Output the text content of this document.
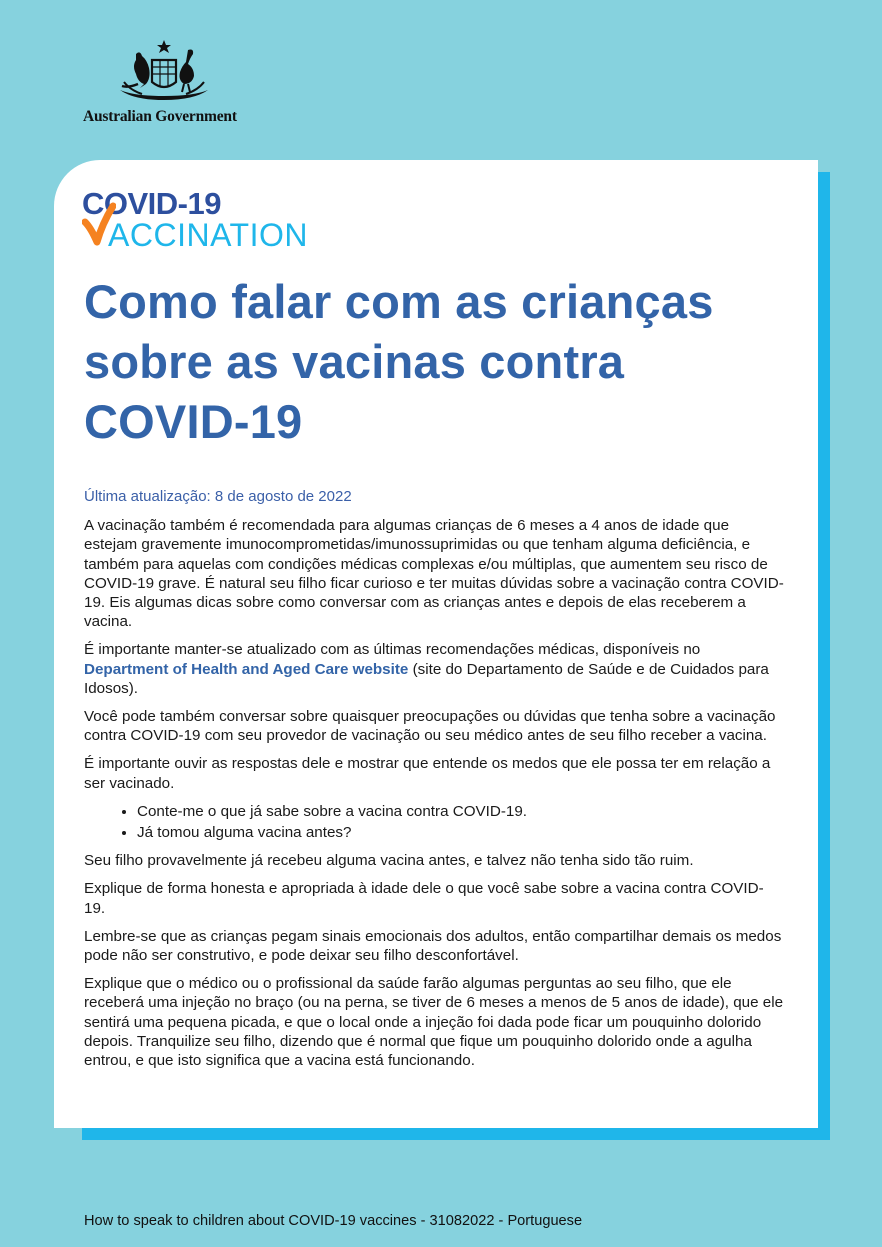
Australian Government
COVID-19
ACCINATION
Como falar com as crianças sobre as vacinas contra COVID-19

Última atualização: 8 de agosto de 2022

A vacinação também é recomendada para algumas crianças de 6 meses a 4 anos de idade que estejam gravemente imunocomprometidas/imunossuprimidas ou que tenham alguma deficiência, e também para aquelas com condições médicas complexas e/ou múltiplas, que aumentem seu risco de COVID-19 grave. É natural seu filho ficar curioso e ter muitas dúvidas sobre a vacinação contra COVID-19. Eis algumas dicas sobre como conversar com as crianças antes e depois de elas receberem a vacina.

É importante manter-se atualizado com as últimas recomendações médicas, disponíveis no Department of Health and Aged Care website (site do Departamento de Saúde e de Cuidados para Idosos).

Você pode também conversar sobre quaisquer preocupações ou dúvidas que tenha sobre a vacinação contra COVID-19 com seu provedor de vacinação ou seu médico antes de seu filho receber a vacina.

É importante ouvir as respostas dele e mostrar que entende os medos que ele possa ter em relação a ser vacinado.

• Conte-me o que já sabe sobre a vacina contra COVID-19.
• Já tomou alguma vacina antes?

Seu filho provavelmente já recebeu alguma vacina antes, e talvez não tenha sido tão ruim.

Explique de forma honesta e apropriada à idade dele o que você sabe sobre a vacina contra COVID-19.

Lembre-se que as crianças pegam sinais emocionais dos adultos, então compartilhar demais os medos pode não ser construtivo, e pode deixar seu filho desconfortável.

Explique que o médico ou o profissional da saúde farão algumas perguntas ao seu filho, que ele receberá uma injeção no braço (ou na perna, se tiver de 6 meses a menos de 5 anos de idade), que ele sentirá uma pequena picada, e que o local onde a injeção foi dada pode ficar um pouquinho dolorido depois. Tranquilize seu filho, dizendo que é normal que fique um pouquinho dolorido onde a agulha entrou, e que isto significa que a vacina está funcionando.

How to speak to children about COVID-19 vaccines - 31082022 - Portuguese
